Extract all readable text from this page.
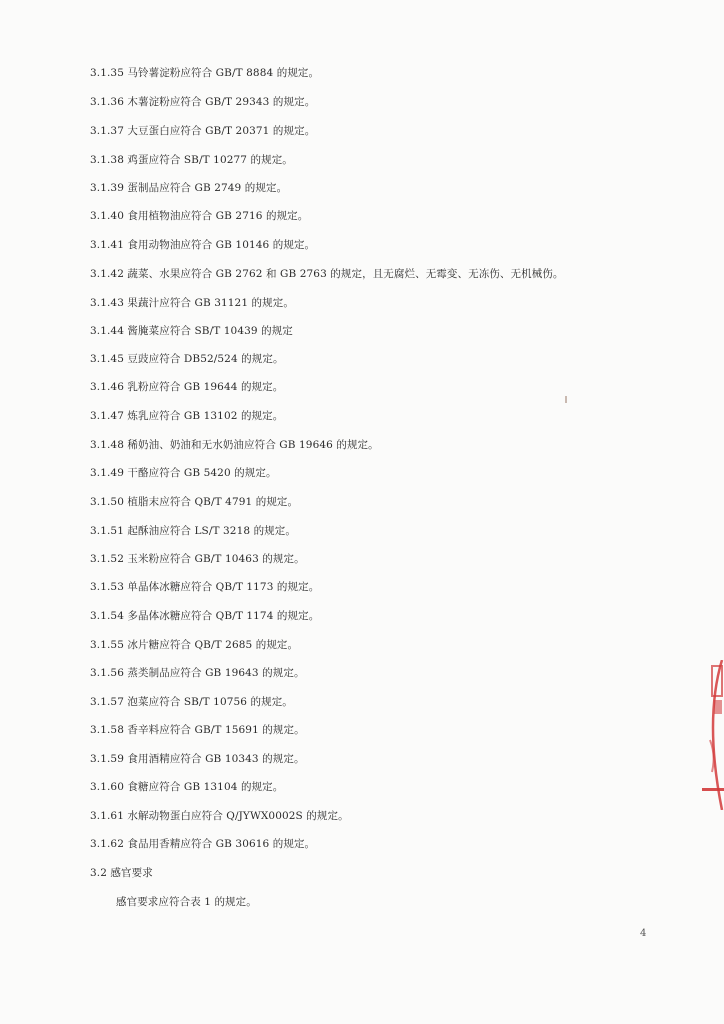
3.1.35 马铃薯淀粉应符合 GB/T 8884 的规定。
3.1.36 木薯淀粉应符合 GB/T 29343 的规定。
3.1.37 大豆蛋白应符合 GB/T 20371 的规定。
3.1.38 鸡蛋应符合 SB/T 10277 的规定。
3.1.39 蛋制品应符合 GB 2749 的规定。
3.1.40 食用植物油应符合 GB 2716 的规定。
3.1.41 食用动物油应符合 GB 10146 的规定。
3.1.42 蔬菜、水果应符合 GB 2762 和 GB 2763 的规定，且无腐烂、无霉变、无冻伤、无机械伤。
3.1.43 果蔬汁应符合 GB 31121 的规定。
3.1.44 酱腌菜应符合 SB/T 10439 的规定
3.1.45 豆豉应符合 DB52/524 的规定。
3.1.46 乳粉应符合 GB 19644 的规定。
3.1.47 炼乳应符合 GB 13102 的规定。
3.1.48 稀奶油、奶油和无水奶油应符合 GB 19646 的规定。
3.1.49 干酪应符合 GB 5420 的规定。
3.1.50 植脂末应符合 QB/T 4791 的规定。
3.1.51 起酥油应符合 LS/T 3218 的规定。
3.1.52 玉米粉应符合 GB/T 10463 的规定。
3.1.53 单晶体冰糖应符合 QB/T 1173 的规定。
3.1.54 多晶体冰糖应符合 QB/T 1174 的规定。
3.1.55 冰片糖应符合 QB/T 2685 的规定。
3.1.56 蒸类制品应符合 GB 19643 的规定。
3.1.57 泡菜应符合 SB/T 10756 的规定。
3.1.58 香辛料应符合 GB/T 15691 的规定。
3.1.59 食用酒精应符合 GB 10343 的规定。
3.1.60 食糖应符合 GB 13104 的规定。
3.1.61 水解动物蛋白应符合 Q/JYWX0002S 的规定。
3.1.62 食品用香精应符合 GB 30616 的规定。
3.2 感官要求
感官要求应符合表 1 的规定。
4
